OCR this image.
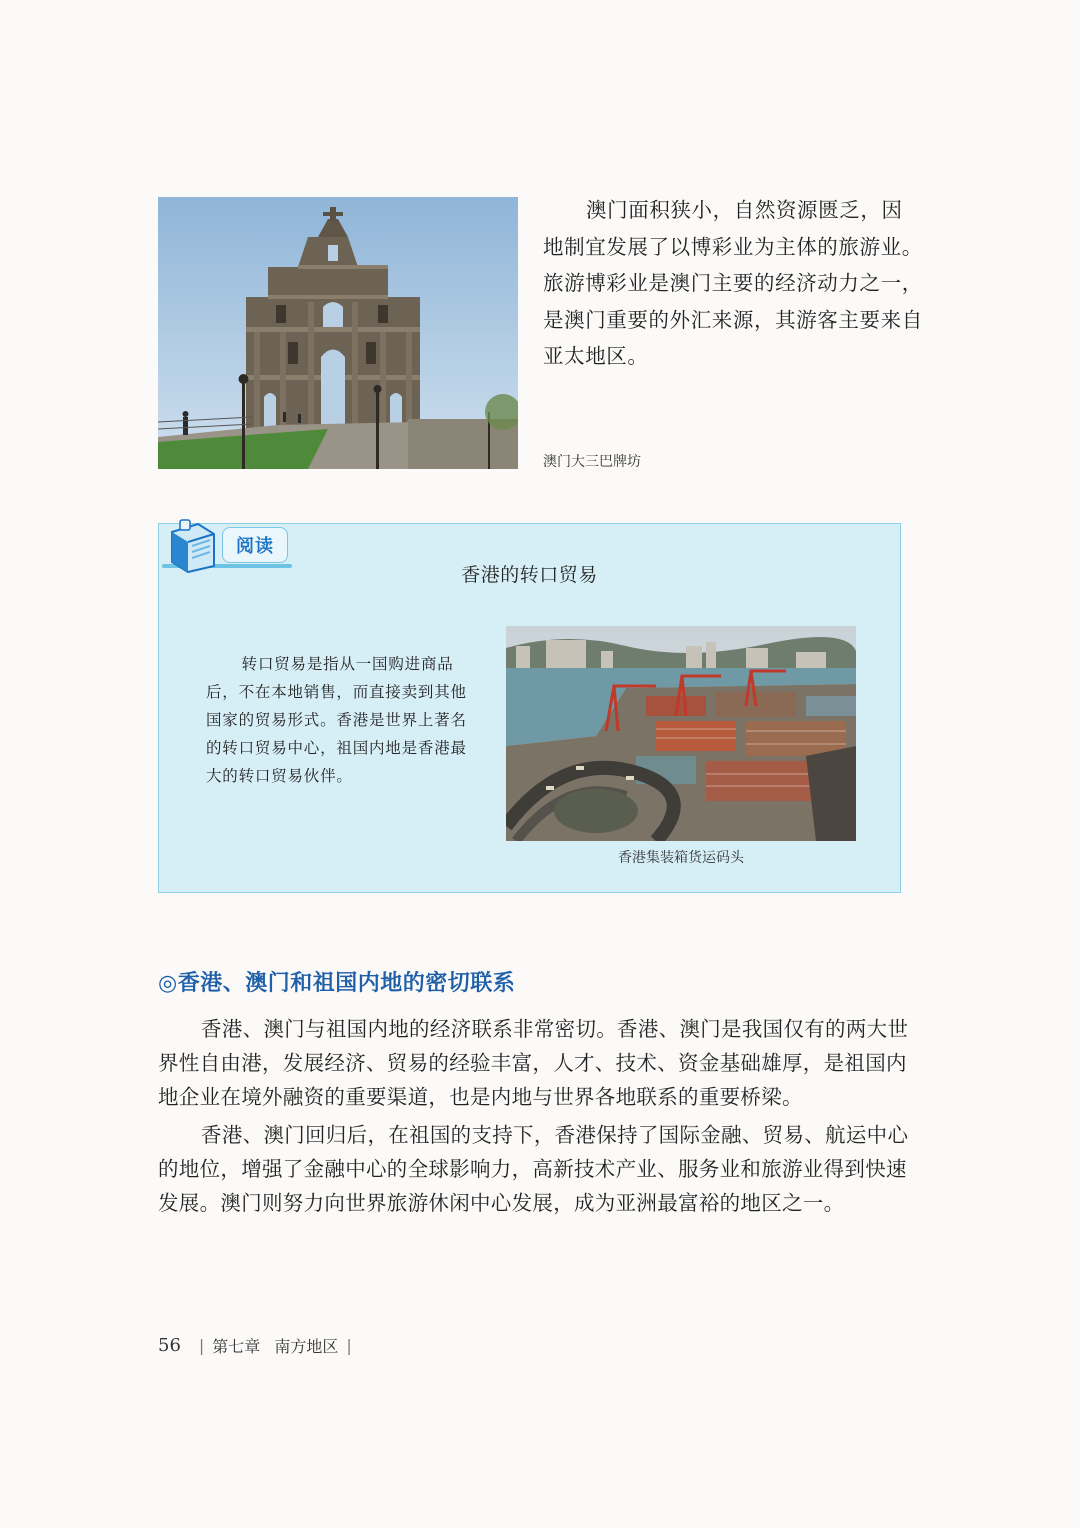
澳门面积狭小，自然资源匮乏，因地制宜发展了以博彩业为主体的旅游业。旅游博彩业是澳门主要的经济动力之一，是澳门重要的外汇来源，其游客主要来自亚太地区。

澳门大三巴牌坊
阅读
香港的转口贸易

转口贸易是指从一国购进商品后，不在本地销售，而直接卖到其他国家的贸易形式。香港是世界上著名的转口贸易中心，祖国内地是香港最大的转口贸易伙伴。

香港集装箱货运码头
◎香港、澳门和祖国内地的密切联系

香港、澳门与祖国内地的经济联系非常密切。香港、澳门是我国仅有的两大世界性自由港，发展经济、贸易的经验丰富，人才、技术、资金基础雄厚，是祖国内地企业在境外融资的重要渠道，也是内地与世界各地联系的重要桥梁。

香港、澳门回归后，在祖国的支持下，香港保持了国际金融、贸易、航运中心的地位，增强了金融中心的全球影响力，高新技术产业、服务业和旅游业得到快速发展。澳门则努力向世界旅游休闲中心发展，成为亚洲最富裕的地区之一。

56 | 第七章 南方地区 |
